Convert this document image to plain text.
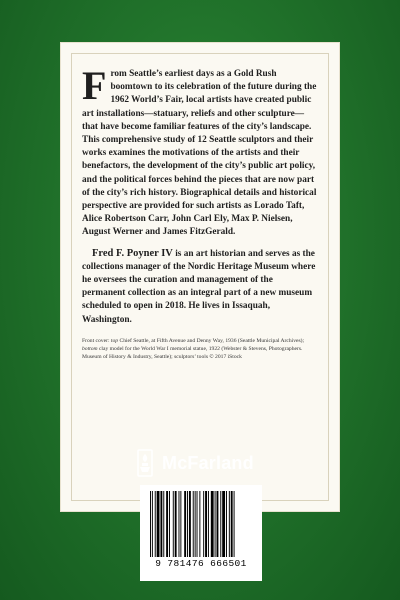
From Seattle’s earliest days as a Gold Rush boomtown to its celebration of the future during the 1962 World’s Fair, local artists have created public art installations—statuary, reliefs and other sculpture—that have become familiar features of the city’s landscape. This comprehensive study of 12 Seattle sculptors and their works examines the motivations of the artists and their benefactors, the development of the city’s public art policy, and the political forces behind the pieces that are now part of the city’s rich history. Biographical details and historical perspective are provided for such artists as Lorado Taft, Alice Robertson Carr, John Carl Ely, Max P. Nielsen, August Werner and James FitzGerald.

Fred F. Poyner IV is an art historian and serves as the collections manager of the Nordic Heritage Museum where he oversees the curation and management of the permanent collection as an integral part of a new museum scheduled to open in 2018. He lives in Issaquah, Washington.

Front cover: top Chief Seattle, at Fifth Avenue and Denny Way, 1936 (Seattle Municipal Archives); bottom clay model for the World War I memorial statue, 1922 (Webster & Stevens, Photographers. Museum of History & Industry, Seattle); sculptors’ tools © 2017 iStock

McFarland
9 781476 666501
